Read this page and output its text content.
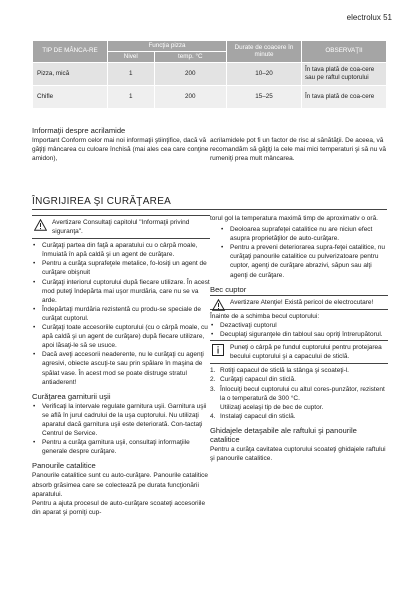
electrolux 51
TIP DE MÂNCA-RE	Funcţia pizza		Durate de coacere în minute	OBSERVAŢII
	Nivel	temp. °C		
Pizza, mică	1	200	10–20	În tava plată de coa-cere sau pe raftul cuptorului
Chifle	1	200	15–25	În tava plată de coa-cere

Informaţii despre acrilamide

Important Conform celor mai noi informaţii ştiinţifice, dacă vă găţiţi mâncarea cu culoare închisă (mai ales cea care conţine amidon),

acrilamidele pot fi un factor de risc al sănătăţii. De aceea, vă recomandăm să găţiţi la cele mai mici temperaturi şi să nu vă rumeniţi prea mult mâncarea.

ÎNGRIJIREA ŞI CURĂŢAREA

Avertizare Consultaţi capitolul "Informaţii privind siguranţa".

• Curăţaţi partea din faţă a aparatului cu o cârpă moale, înmuiată în apă caldă şi un agent de curăţare.
• Pentru a curăţa suprafeţele metalice, fo-losiţi un agent de curăţare obişnuit
• Curăţaţi interiorul cuptorului după fiecare utilizare. În acest mod puteţi îndepărta mai uşor murdăria, care nu se va arde.
• Îndepărtaţi murdăria rezistentă cu produ-se speciale de curăţat cuptorul.
• Curăţaţi toate accesoriile cuptorului (cu o cârpă moale, cu apă caldă şi un agent de curăţare) după fiecare utilizare, apoi lăsaţi-le să se usuce.
• Dacă aveţi accesorii neaderente, nu le curăţaţi cu agenţi agresivi, obiecte ascuţi-te sau prin spălare în maşina de spălat vase. În acest mod se poate distruge stratul antiaderent!

Curăţarea garniturii uşii

• Verificaţi la intervale regulate garnitura uşii. Garnitura uşii se află în jurul cadrului de la uşa cuptorului. Nu utilizaţi aparatul dacă garnitura uşii este deteriorată. Con-tactaţi Centrul de Service.
• Pentru a curăţa garnitura uşii, consultaţi informaţiile generale despre curăţare.

Panourile catalitice

Panourile catalitice sunt cu auto-curăţare. Panourile catalitice absorb grăsimea care se colectează pe durata funcţionării aparatului.
Pentru a ajuta procesul de auto-curăţare scoateţi accesoriile din aparat şi porniţi cup-

torul gol la temperatura maximă timp de aproximativ o oră.

• Deoloarea suprafeţei catalitice nu are niciun efect asupra proprietăţilor de auto-curăţare.
• Pentru a preveni deteriorarea supra-feţei catalitice, nu curăţaţi panourile catalitice cu pulverizatoare pentru cuptor, agenţi de curăţare abrazivi, săpun sau alţi agenţi de curăţare.

Bec cuptor

Avertizare Atenţie! Există pericol de electrocutare!

Înainte de a schimba becul cuptorului:

• Dezactivaţi cuptorul
• Decuplaţi siguranţele din tabloul sau opriţi întrerupătorul.

Puneţi o cârpă pe fundul cuptorului pentru protejarea becului cuptorului şi a capacului de sticlă.

1. Rotiţi capacul de sticlă la stânga şi scoateţi-l.
2. Curăţaţi capacul din sticlă.
3. Înlocuiţi becul cuptorului cu altul cores-punzător, rezistent la o temperatură de 300 °C.
Utilizaţi acelaşi tip de bec de cuptor.
4. Instalaţi capacul din sticlă.

Ghidajele detaşabile ale raftului şi panourile catalitice

Pentru a curăţa cavitatea cuptorului scoateţi ghidajele raftului şi panourile catalitice.
